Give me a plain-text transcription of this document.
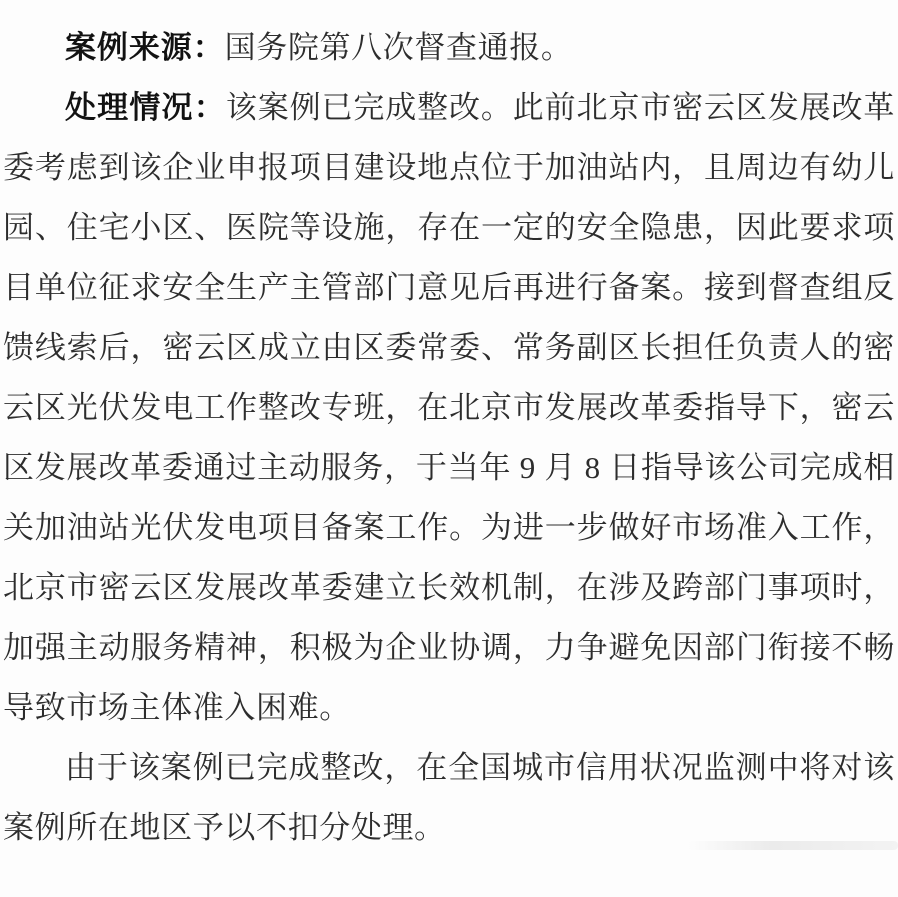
案例来源：国务院第八次督查通报。

处理情况：该案例已完成整改。此前北京市密云区发展改革委考虑到该企业申报项目建设地点位于加油站内，且周边有幼儿园、住宅小区、医院等设施，存在一定的安全隐患，因此要求项目单位征求安全生产主管部门意见后再进行备案。接到督查组反馈线索后，密云区成立由区委常委、常务副区长担任负责人的密云区光伏发电工作整改专班，在北京市发展改革委指导下，密云区发展改革委通过主动服务，于当年 9 月 8 日指导该公司完成相关加油站光伏发电项目备案工作。为进一步做好市场准入工作，北京市密云区发展改革委建立长效机制，在涉及跨部门事项时，加强主动服务精神，积极为企业协调，力争避免因部门衔接不畅导致市场主体准入困难。

由于该案例已完成整改，在全国城市信用状况监测中将对该案例所在地区予以不扣分处理。
